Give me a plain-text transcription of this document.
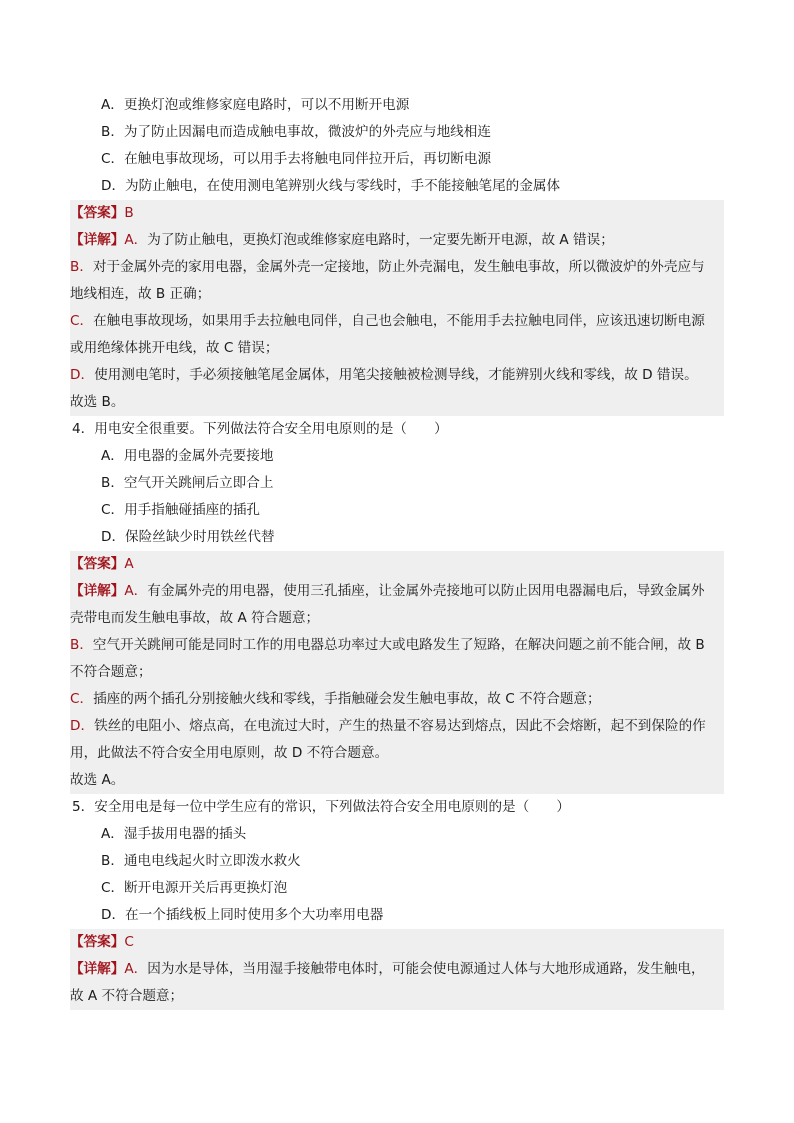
A．更换灯泡或维修家庭电路时，可以不用断开电源
B．为了防止因漏电而造成触电事故，微波炉的外壳应与地线相连
C．在触电事故现场，可以用手去将触电同伴拉开后，再切断电源
D．为防止触电，在使用测电笔辨别火线与零线时，手不能接触笔尾的金属体
【答案】B
【详解】A．为了防止触电，更换灯泡或维修家庭电路时，一定要先断开电源，故 A 错误；
B．对于金属外壳的家用电器，金属外壳一定接地，防止外壳漏电，发生触电事故，所以微波炉的外壳应与
地线相连，故 B 正确；
C．在触电事故现场，如果用手去拉触电同伴，自己也会触电，不能用手去拉触电同伴，应该迅速切断电源
或用绝缘体挑开电线，故 C 错误；
D．使用测电笔时，手必须接触笔尾金属体，用笔尖接触被检测导线，才能辨别火线和零线，故 D 错误。
故选 B。
4．用电安全很重要。下列做法符合安全用电原则的是（　　）
A．用电器的金属外壳要接地
B．空气开关跳闸后立即合上
C．用手指触碰插座的插孔
D．保险丝缺少时用铁丝代替
【答案】A
【详解】A．有金属外壳的用电器，使用三孔插座，让金属外壳接地可以防止因用电器漏电后，导致金属外
壳带电而发生触电事故，故 A 符合题意；
B．空气开关跳闸可能是同时工作的用电器总功率过大或电路发生了短路，在解决问题之前不能合闸，故 B
不符合题意；
C．插座的两个插孔分别接触火线和零线，手指触碰会发生触电事故，故 C 不符合题意；
D．铁丝的电阻小、熔点高，在电流过大时，产生的热量不容易达到熔点，因此不会熔断，起不到保险的作
用，此做法不符合安全用电原则，故 D 不符合题意。
故选 A。
5．安全用电是每一位中学生应有的常识，下列做法符合安全用电原则的是（　　）
A．湿手拔用电器的插头
B．通电电线起火时立即泼水救火
C．断开电源开关后再更换灯泡
D．在一个插线板上同时使用多个大功率用电器
【答案】C
【详解】A．因为水是导体，当用湿手接触带电体时，可能会使电源通过人体与大地形成通路，发生触电，
故 A 不符合题意；
